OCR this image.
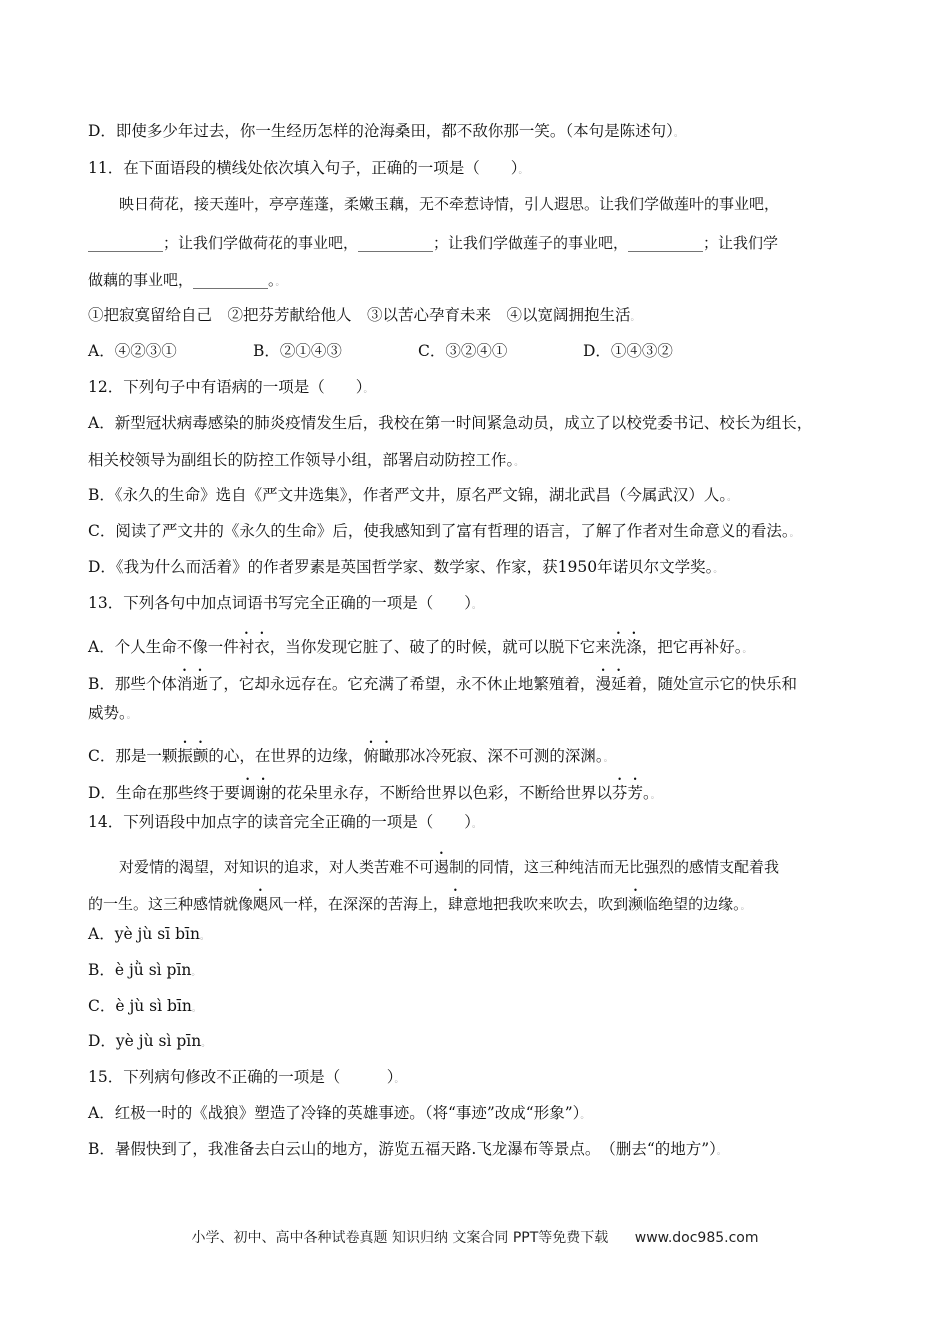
D．即使多少年过去，你一生经历怎样的沧海桑田，都不敌你那一笑。（本句是陈述句）。
11．在下面语段的横线处依次填入句子，正确的一项是（　　）。
映日荷花，接天莲叶，亭亭莲蓬，柔嫩玉藕，无不牵惹诗情，引人遐思。让我们学做莲叶的事业吧，
__________；让我们学做荷花的事业吧，__________；让我们学做莲子的事业吧，__________；让我们学
做藕的事业吧，__________。。
①把寂寞留给自己　②把芬芳献给他人　③以苦心孕育未来　④以宽阔拥抱生活。
A．④②③①	B．②①④③	C．③②④①	D．①④③②
12．下列句子中有语病的一项是（　　）。
A．新型冠状病毒感染的肺炎疫情发生后，我校在第一时间紧急动员，成立了以校党委书记、校长为组长，
相关校领导为副组长的防控工作领导小组，部署启动防控工作。。
B．《永久的生命》选自《严文井选集》，作者严文井，原名严文锦，湖北武昌（今属武汉）人。。
C．阅读了严文井的《永久的生命》后，使我感知到了富有哲理的语言，了解了作者对生命意义的看法。。
D．《我为什么而活着》的作者罗素是英国哲学家、数学家、作家，获1950年诺贝尔文学奖。。
13．下列各句中加点词语书写完全正确的一项是（　　）。
A．个人生命不像一件衬衣，当你发现它脏了、破了的时候，就可以脱下它来洗涤，把它再补好。。
B．那些个体消逝了，它却永远存在。它充满了希望，永不休止地繁殖着，漫延着，随处宣示它的快乐和
威势。。
C．那是一颗振颤的心，在世界的边缘，俯瞰那冰冷死寂、深不可测的深渊。。
D．生命在那些终于要调谢的花朵里永存，不断给世界以色彩，不断给世界以芬芳。。
14．下列语段中加点字的读音完全正确的一项是（　　）。
对爱情的渴望，对知识的追求，对人类苦难不可遏制的同情，这三种纯洁而无比强烈的感情支配着我
的一生。这三种感情就像飓风一样，在深深的苦海上，肆意地把我吹来吹去，吹到濒临绝望的边缘。。
A．yè jù sī bīn。
B．è jǜ sì pīn。
C．è jù sì bīn。
D．yè jù sì pīn。
15．下列病句修改不正确的一项是（　　　）。
A．红极一时的《战狼》塑造了冷锋的英雄事迹。（将“事迹”改成“形象”）。
B．暑假快到了，我准备去白云山的地方，游览五福天路.飞龙瀑布等景点。　（删去“的地方”）。
小学、初中、高中各种试卷真题 知识归纳 文案合同 PPT等免费下载 www.doc985.com
